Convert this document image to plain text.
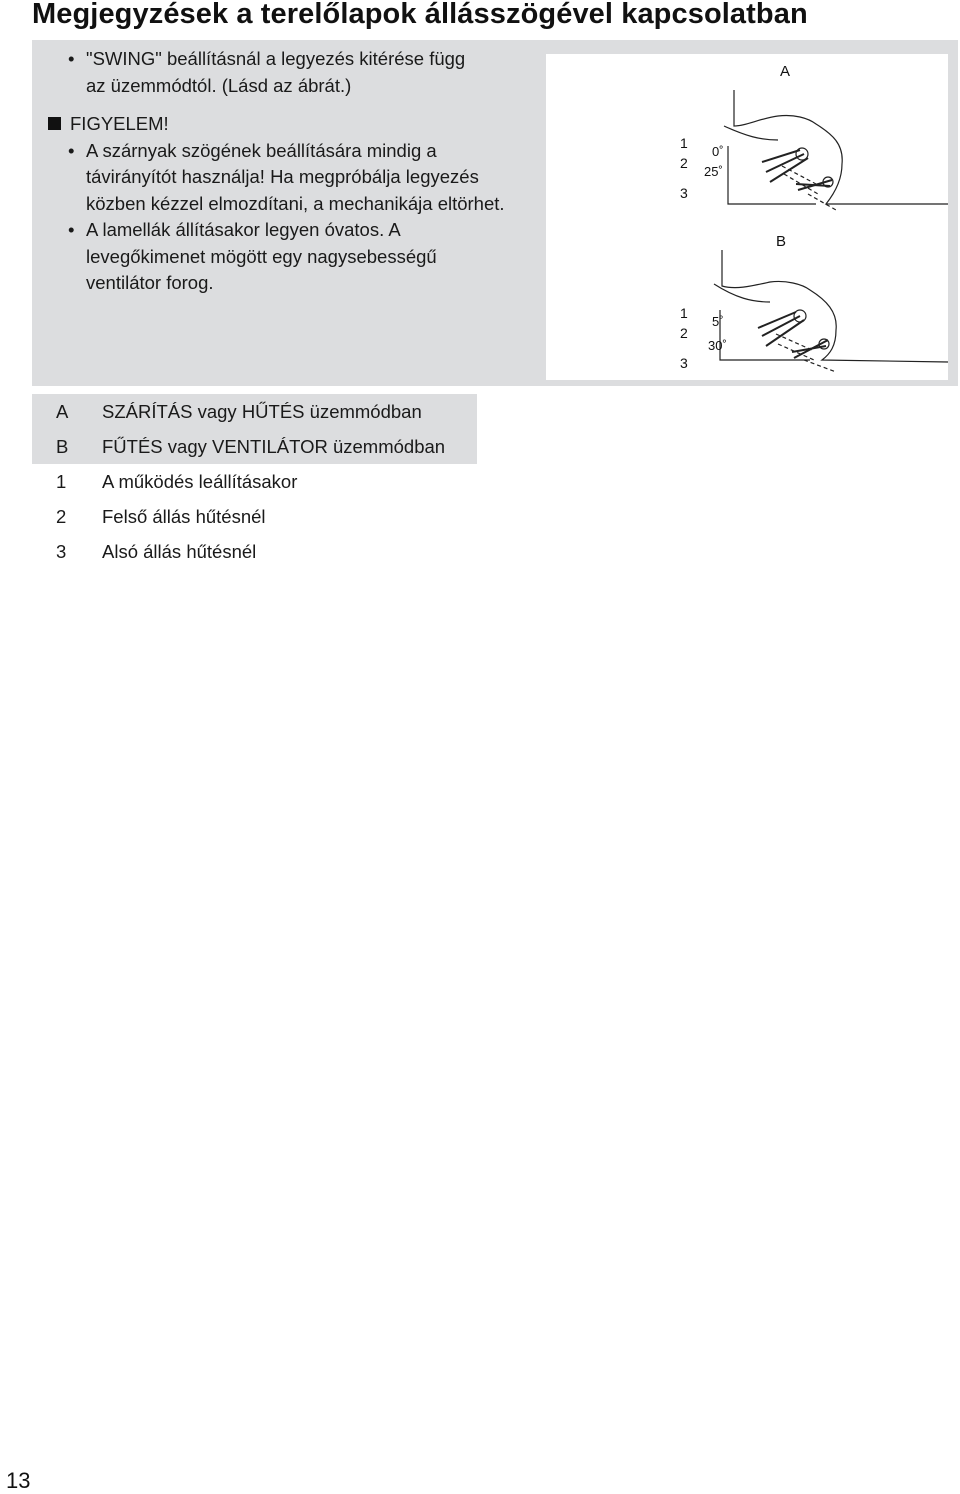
Megjegyzések a terelőlapok állásszögével kapcsolatban
• "SWING" beállításnál a legyezés kitérése függ
az üzemmódtól. (Lásd az ábrát.)
FIGYELEM!
• A szárnyak szögének beállítására mindig a
távirányítót használja! Ha megpróbálja legyezés
közben kézzel elmozdítani, a mechanikája eltörhet.
• A lamellák állításakor legyen óvatos. A
levegőkimenet mögött egy nagysebességű
ventilátor forog.
A
1
2
3
0˚
25˚
B
1
2
3
5˚
30˚
A	SZÁRÍTÁS vagy HŰTÉS üzemmódban
B	FŰTÉS vagy VENTILÁTOR üzemmódban
1	A működés leállításakor
2	Felső állás hűtésnél
3	Alsó állás hűtésnél
13
